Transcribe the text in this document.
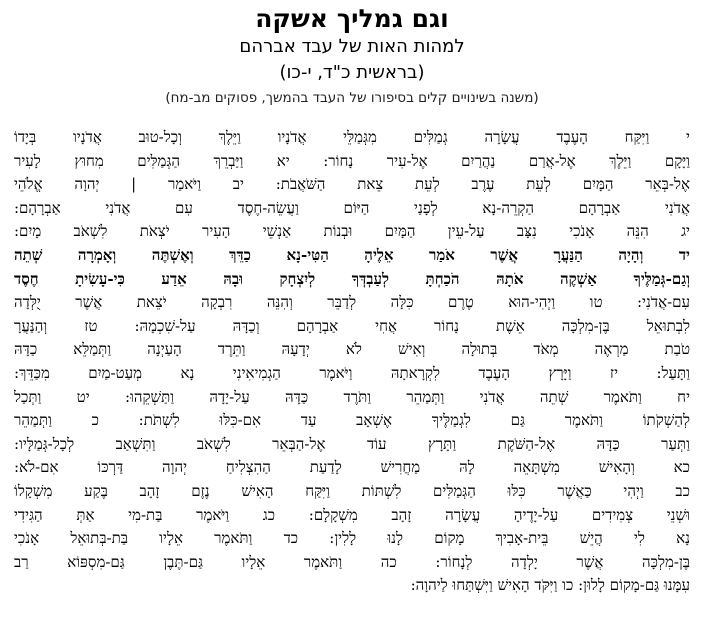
וגם גמליך אשקה
למהות האות של עבד אברהם
(בראשית כ"ד, י-כו)
(משנה בשינויים קלים בסיפורו של העבד בהמשך, פסוקים מב-מח)
י וַיִּקַּח הָעֶבֶד עֲשָׂרָה גְמַלִּים מִגְּמַלֵּי אֲדֹנָיו וַיֵּלֶךְ וְכָל-טוּב אֲדֹנָיו בְּיָדוֹ
וַיָּקָם וַיֵּלֶךְ אֶל-אֲרַם נַהֲרַיִם אֶל-עִיר נָחוֹר: יא וַיַּבְרֵךְ הַגְּמַלִּים מִחוּץ לָעִיר
אֶל-בְּאֵר הַמָּיִם לְעֵת עֶרֶב לְעֵת צֵאת הַשֹּׁאֲבֹת: יב וַיֹּאמַר | יְהוָה אֱלֹהֵי
אֲדֹנִי אַבְרָהָם הַקְרֵה-נָא לְפָנַי הַיּוֹם וַעֲשֵׂה-חֶסֶד עִם אֲדֹנִי אַבְרָהָם:
יג הִנֵּה אָנֹכִי נִצָּב עַל-עֵין הַמָּיִם וּבְנוֹת אַנְשֵׁי הָעִיר יֹצְאֹת לִשְׁאֹב מָיִם:
יד וְהָיָה הַנַּעֲרָ אֲשֶׁר אֹמַר אֵלֶיהָ הַטִּי-נָא כַדֵּךְ וְאֶשְׁתֶּה וְאָמְרָה שְׁתֵה
וְגַם-גְּמַלֶּיךָ אַשְׁקֶה אֹתָהּ הֹכַחְתָּ לְעַבְדְּךָ לְיִצְחָק וּבָהּ אֵדַע כִּי-עָשִׂיתָ חֶסֶד
עִם-אֲדֹנִי: טו וַיְהִי-הוּא טֶרֶם כִּלָּה לְדַבֵּר וְהִנֵּה רִבְקָה יֹצֵאת אֲשֶׁר יֻלְּדָה
לִבְתוּאֵל בֶּן-מִלְכָּה אֵשֶׁת נָחוֹר אֲחִי אַבְרָהָם וְכַדָּהּ עַל-שִׁכְמָהּ: טז וְהַנַּעֲרָ
טֹבַת מַרְאֶה מְאֹד בְּתוּלָה וְאִישׁ לֹא יְדָעָהּ וַתֵּרֶד הָעַיְנָה וַתְּמַלֵּא כַדָּהּ
וַתָּעַל: יז וַיָּרָץ הָעֶבֶד לִקְרָאתָהּ וַיֹּאמֶר הַגְמִיאִינִי נָא מְעַט-מַיִם מִכַּדֵּךְ:
יח וַתֹּאמֶר שְׁתֵה אֲדֹנִי וַתְּמַהֵר וַתֹּרֶד כַּדָּהּ עַל-יָדָהּ וַתַּשְׁקֵהוּ: יט וַתְּכַל
לְהַשְׁקֹתוֹ וַתֹּאמֶר גַּם לִגְמַלֶּיךָ אֶשְׁאָב עַד אִם-כִּלּוּ לִשְׁתֹּת: כ וַתְּמַהֵר
וַתְּעַר כַּדָּהּ אֶל-הַשֹּׁקֶת וַתָּרָץ עוֹד אֶל-הַבְּאֵר לִשְׁאֹב וַתִּשְׁאַב לְכָל-גְּמַלָּיו:
כא וְהָאִישׁ מִשְׁתָּאֵה לָהּ מַחֲרִישׁ לָדַעַת הַהִצְלִיחַ יְהוָה דַּרְכּוֹ אִם-לֹא:
כב וַיְהִי כַּאֲשֶׁר כִּלּוּ הַגְּמַלִּים לִשְׁתּוֹת וַיִּקַּח הָאִישׁ נֶזֶם זָהָב בֶּקַע מִשְׁקָלוֹ
וּשְׁנֵי צְמִידִים עַל-יָדֶיהָ עֲשָׂרָה זָהָב מִשְׁקָלָם: כג וַיֹּאמֶר בַּת-מִי אַתְּ הַגִּידִי
נָא לִי הֲיֵשׁ בֵּית-אָבִיךְ מָקוֹם לָנוּ לָלִין: כד וַתֹּאמֶר אֵלָיו בַּת-בְּתוּאֵל אָנֹכִי
בֶּן-מִלְכָּה אֲשֶׁר יָלְדָה לְנָחוֹר: כה וַתֹּאמֶר אֵלָיו גַּם-תֶּבֶן גַּם-מִסְפּוֹא רַב
עִמָּנוּ גַּם-מָקוֹם לָלוּן: כו וַיִּקֹּד הָאִישׁ וַיִּשְׁתַּחוּ לַיהוָה:
